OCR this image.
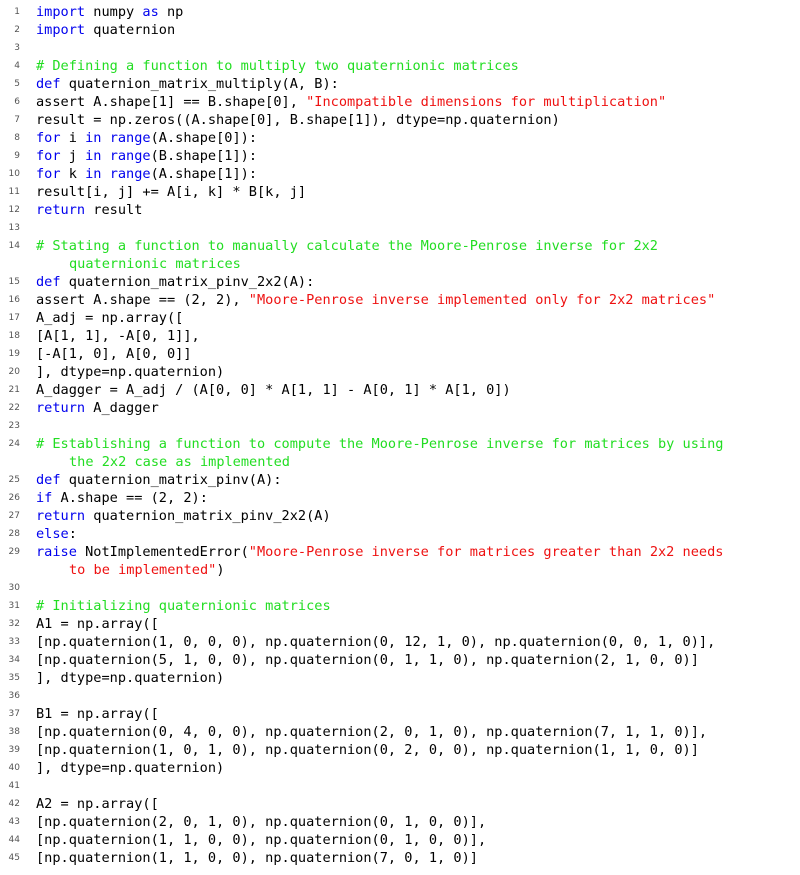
1 import numpy as np
2 import quaternion
3
4 # Defining a function to multiply two quaternionic matrices
5 def quaternion_matrix_multiply(A, B):
6 assert A.shape[1] == B.shape[0], "Incompatible dimensions for multiplication"
7 result = np.zeros((A.shape[0], B.shape[1]), dtype=np.quaternion)
8 for i in range(A.shape[0]):
9 for j in range(B.shape[1]):
10 for k in range(A.shape[1]):
11 result[i, j] += A[i, k] * B[k, j]
12 return result
13
14 # Stating a function to manually calculate the Moore-Penrose inverse for 2x2
quaternionic matrices
15 def quaternion_matrix_pinv_2x2(A):
16 assert A.shape == (2, 2), "Moore-Penrose inverse implemented only for 2x2 matrices"
17 A_adj = np.array([
18 [A[1, 1], -A[0, 1]],
19 [-A[1, 0], A[0, 0]]
20 ], dtype=np.quaternion)
21 A_dagger = A_adj / (A[0, 0] * A[1, 1] - A[0, 1] * A[1, 0])
22 return A_dagger
23
24 # Establishing a function to compute the Moore-Penrose inverse for matrices by using
the 2x2 case as implemented
25 def quaternion_matrix_pinv(A):
26 if A.shape == (2, 2):
27 return quaternion_matrix_pinv_2x2(A)
28 else:
29 raise NotImplementedError("Moore-Penrose inverse for matrices greater than 2x2 needs
to be implemented")
30
31 # Initializing quaternionic matrices
32 A1 = np.array([
33 [np.quaternion(1, 0, 0, 0), np.quaternion(0, 12, 1, 0), np.quaternion(0, 0, 1, 0)],
34 [np.quaternion(5, 1, 0, 0), np.quaternion(0, 1, 1, 0), np.quaternion(2, 1, 0, 0)]
35 ], dtype=np.quaternion)
36
37 B1 = np.array([
38 [np.quaternion(0, 4, 0, 0), np.quaternion(2, 0, 1, 0), np.quaternion(7, 1, 1, 0)],
39 [np.quaternion(1, 0, 1, 0), np.quaternion(0, 2, 0, 0), np.quaternion(1, 1, 0, 0)]
40 ], dtype=np.quaternion)
41
42 A2 = np.array([
43 [np.quaternion(2, 0, 1, 0), np.quaternion(0, 1, 0, 0)],
44 [np.quaternion(1, 1, 0, 0), np.quaternion(0, 1, 0, 0)],
45 [np.quaternion(1, 1, 0, 0), np.quaternion(7, 0, 1, 0)]
